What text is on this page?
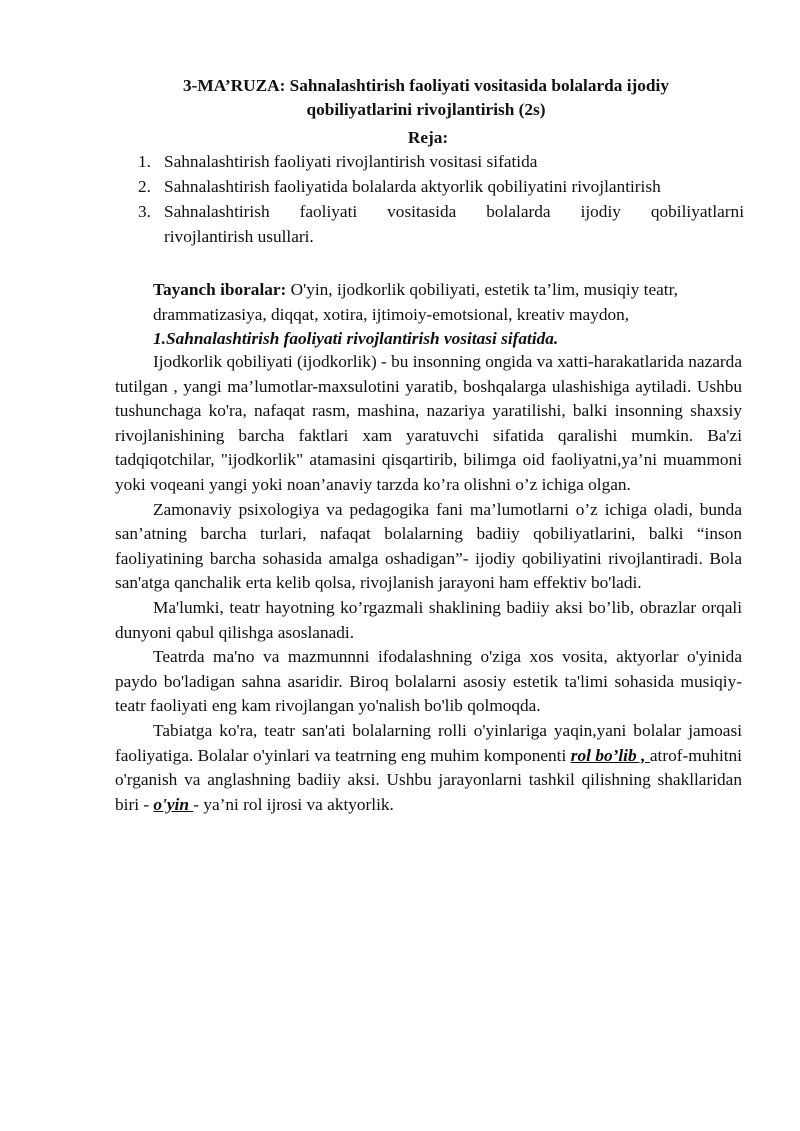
3-MA’RUZA: Sahnalashtirish faoliyati vositasida bolalarda ijodiy qobiliyatlarini rivojlantirish (2s)
Reja:
1. Sahnalashtirish faoliyati rivojlantirish vositasi sifatida
2. Sahnalashtirish faoliyatida bolalarda aktyorlik qobiliyatini rivojlantirish
3. Sahnalashtirish faoliyati vositasida bolalarda ijodiy qobiliyatlarni
rivojlantirish usullari.
Tayanch iboralar: O'yin, ijodkorlik qobiliyati, estetik ta’lim, musiqiy teatr, drammatizasiya, diqqat, xotira, ijtimoiy-emotsional, kreativ maydon,
1.Sahnalashtirish faoliyati rivojlantirish vositasi sifatida.

Ijodkorlik qobiliyati (ijodkorlik) - bu insonning ongida va xatti-harakatlarida nazarda tutilgan , yangi ma’lumotlar-maxsulotini yaratib, boshqalarga ulashishiga aytiladi. Ushbu tushunchaga ko'ra, nafaqat rasm, mashina, nazariya yaratilishi, balki insonning shaxsiy rivojlanishining barcha faktlari xam yaratuvchi sifatida qaralishi mumkin. Ba'zi tadqiqotchilar, "ijodkorlik" atamasini qisqartirib, bilimga oid faoliyatni,ya’ni muammoni yoki voqeani yangi yoki noan’anaviy tarzda ko’ra olishni o’z ichiga olgan.

Zamonaviy psixologiya va pedagogika fani ma’lumotlarni o’z ichiga oladi, bunda san’atning barcha turlari, nafaqat bolalarning badiiy qobiliyatlarini, balki “inson faoliyatining barcha sohasida amalga oshadigan”- ijodiy qobiliyatini rivojlantiradi. Bola san'atga qanchalik erta kelib qolsa, rivojlanish jarayoni ham effektiv bo'ladi.

Ma'lumki, teatr hayotning ko’rgazmali shaklining badiiy aksi bo’lib, obrazlar orqali dunyoni qabul qilishga asoslanadi.

Teatrda ma'no va mazmunnni ifodalashning o'ziga xos vosita, aktyorlar o'yinida paydo bo'ladigan sahna asaridir. Biroq bolalarni asosiy estetik ta'limi sohasida musiqiy-teatr faoliyati eng kam rivojlangan yo'nalish bo'lib qolmoqda.

Tabiatga ko'ra, teatr san'ati bolalarning rolli o'yinlariga yaqin,yani bolalar jamoasi faoliyatiga. Bolalar o'yinlari va teatrning eng muhim komponenti rol bo’lib , atrof-muhitni o'rganish va anglashning badiiy aksi. Ushbu jarayonlarni tashkil qilishning shakllaridan biri - o'yin - ya’ni rol ijrosi va aktyorlik.
